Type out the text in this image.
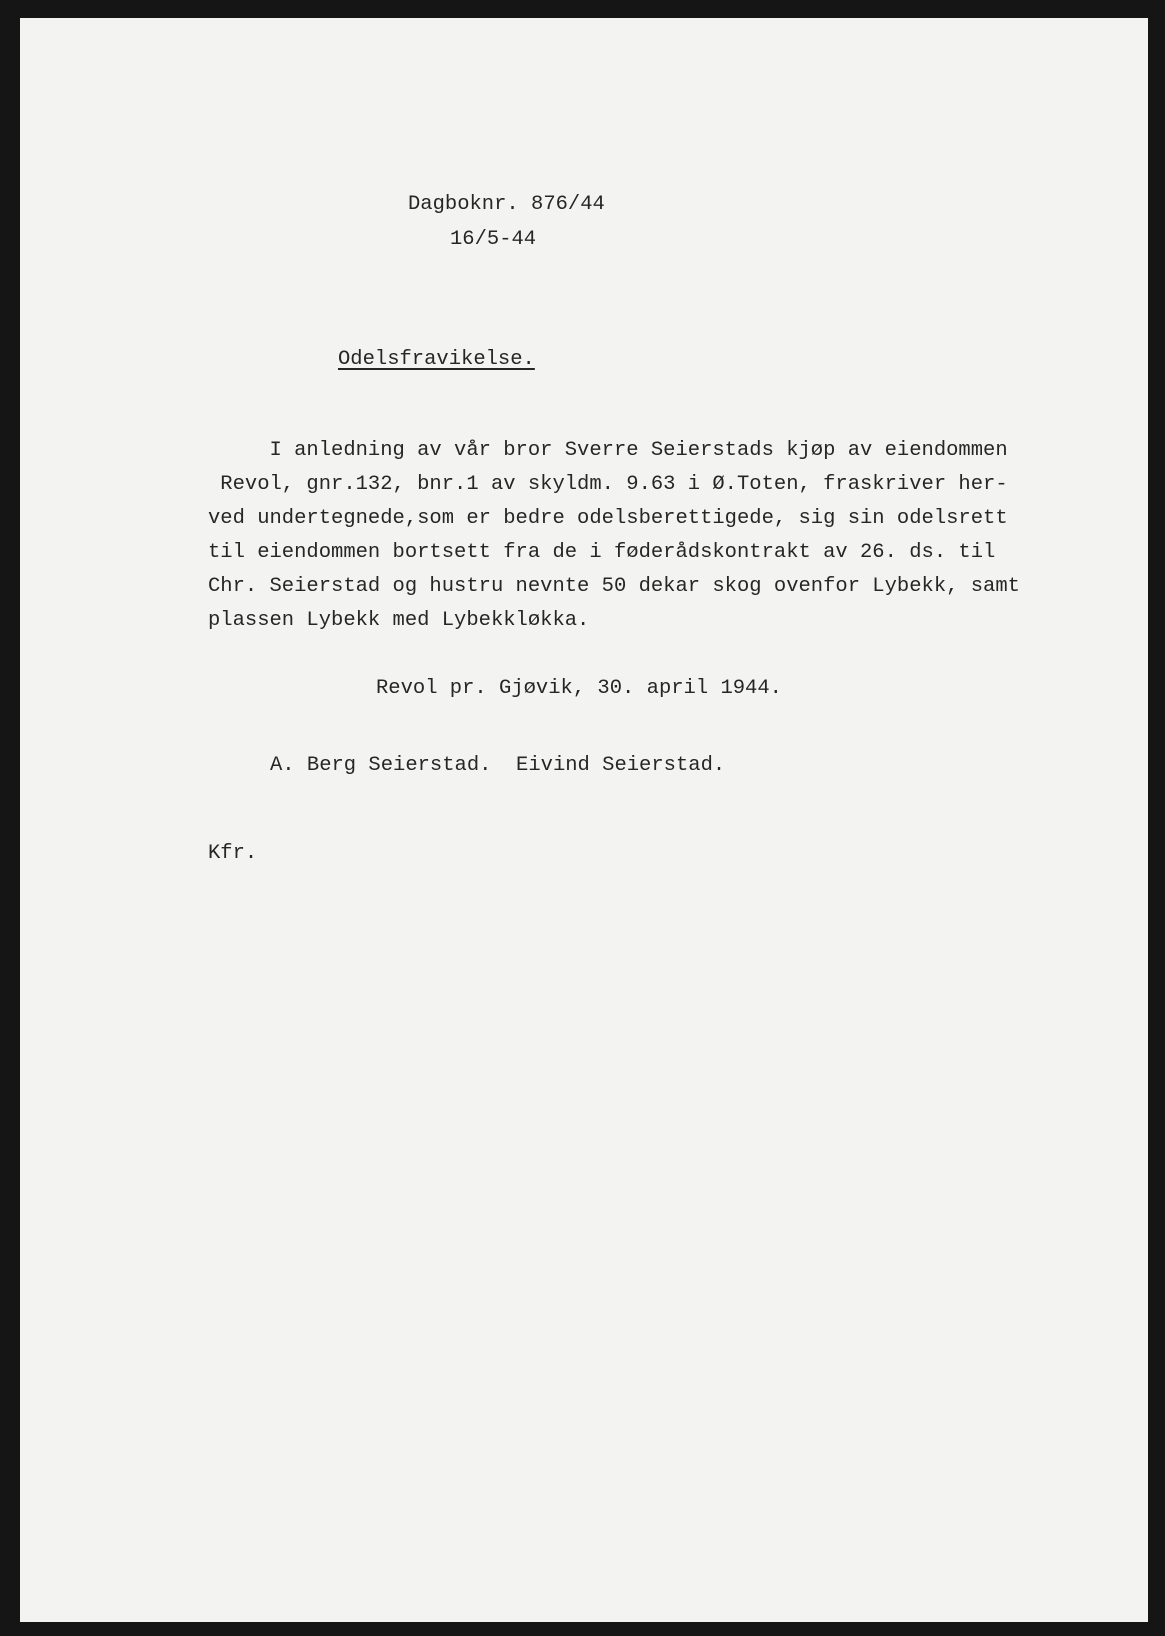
Dagboknr. 876/44
16/5-44
Odelsfravikelse.
I anledning av vår bror Sverre Seierstads kjøp av eiendommen
Revol, gnr.132, bnr.1 av skyldm. 9.63 i Ø.Toten, fraskriver her-
ved undertegnede,som er bedre odelsberettigede, sig sin odelsrett
til eiendommen bortsett fra de i føderådskontrakt av 26. ds. til
Chr. Seierstad og hustru nevnte 50 dekar skog ovenfor Lybekk, samt
plassen Lybekk med Lybekkløkka.
Revol pr. Gjøvik, 30. april 1944.
A. Berg Seierstad.  Eivind Seierstad.
Kfr.
